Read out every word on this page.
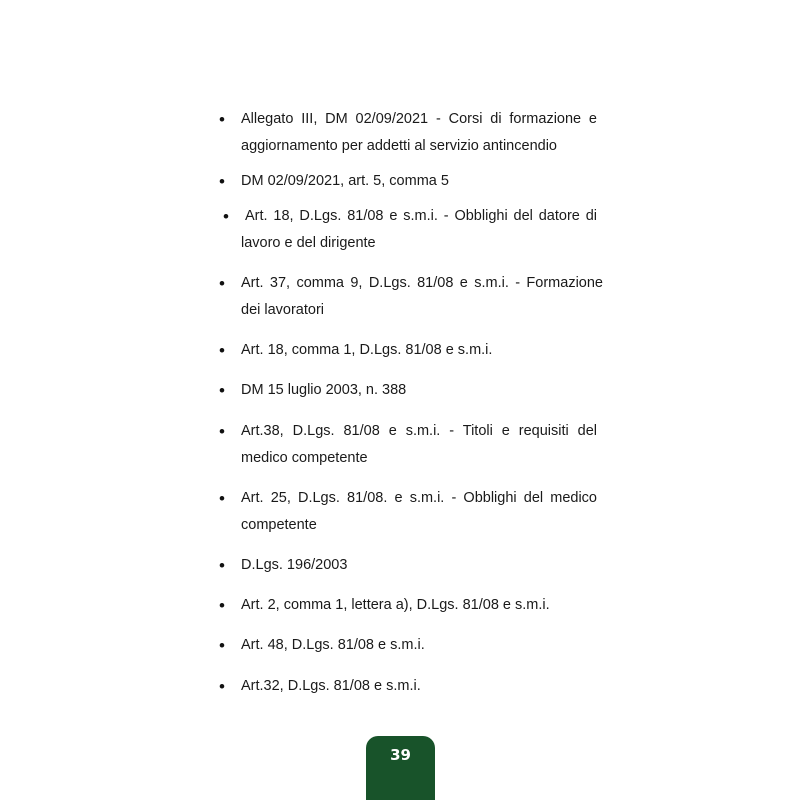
• Allegato III, DM 02/09/2021 - Corsi di formazione e aggiornamento per addetti al servizio antincendio
• DM 02/09/2021, art. 5, comma 5
• Art. 18, D.Lgs. 81/08 e s.m.i. - Obblighi del datore di lavoro e del dirigente
• Art. 37, comma 9, D.Lgs. 81/08 e s.m.i. - Formazione dei lavoratori
• Art. 18, comma 1, D.Lgs. 81/08 e s.m.i.
• DM 15 luglio 2003, n. 388
• Art.38, D.Lgs. 81/08 e s.m.i. - Titoli e requisiti del medico competente
• Art. 25, D.Lgs. 81/08. e s.m.i. - Obblighi del medico competente
• D.Lgs. 196/2003
• Art. 2, comma 1, lettera a), D.Lgs. 81/08 e s.m.i.
• Art. 48, D.Lgs. 81/08 e s.m.i.
• Art.32, D.Lgs. 81/08 e s.m.i.
39
